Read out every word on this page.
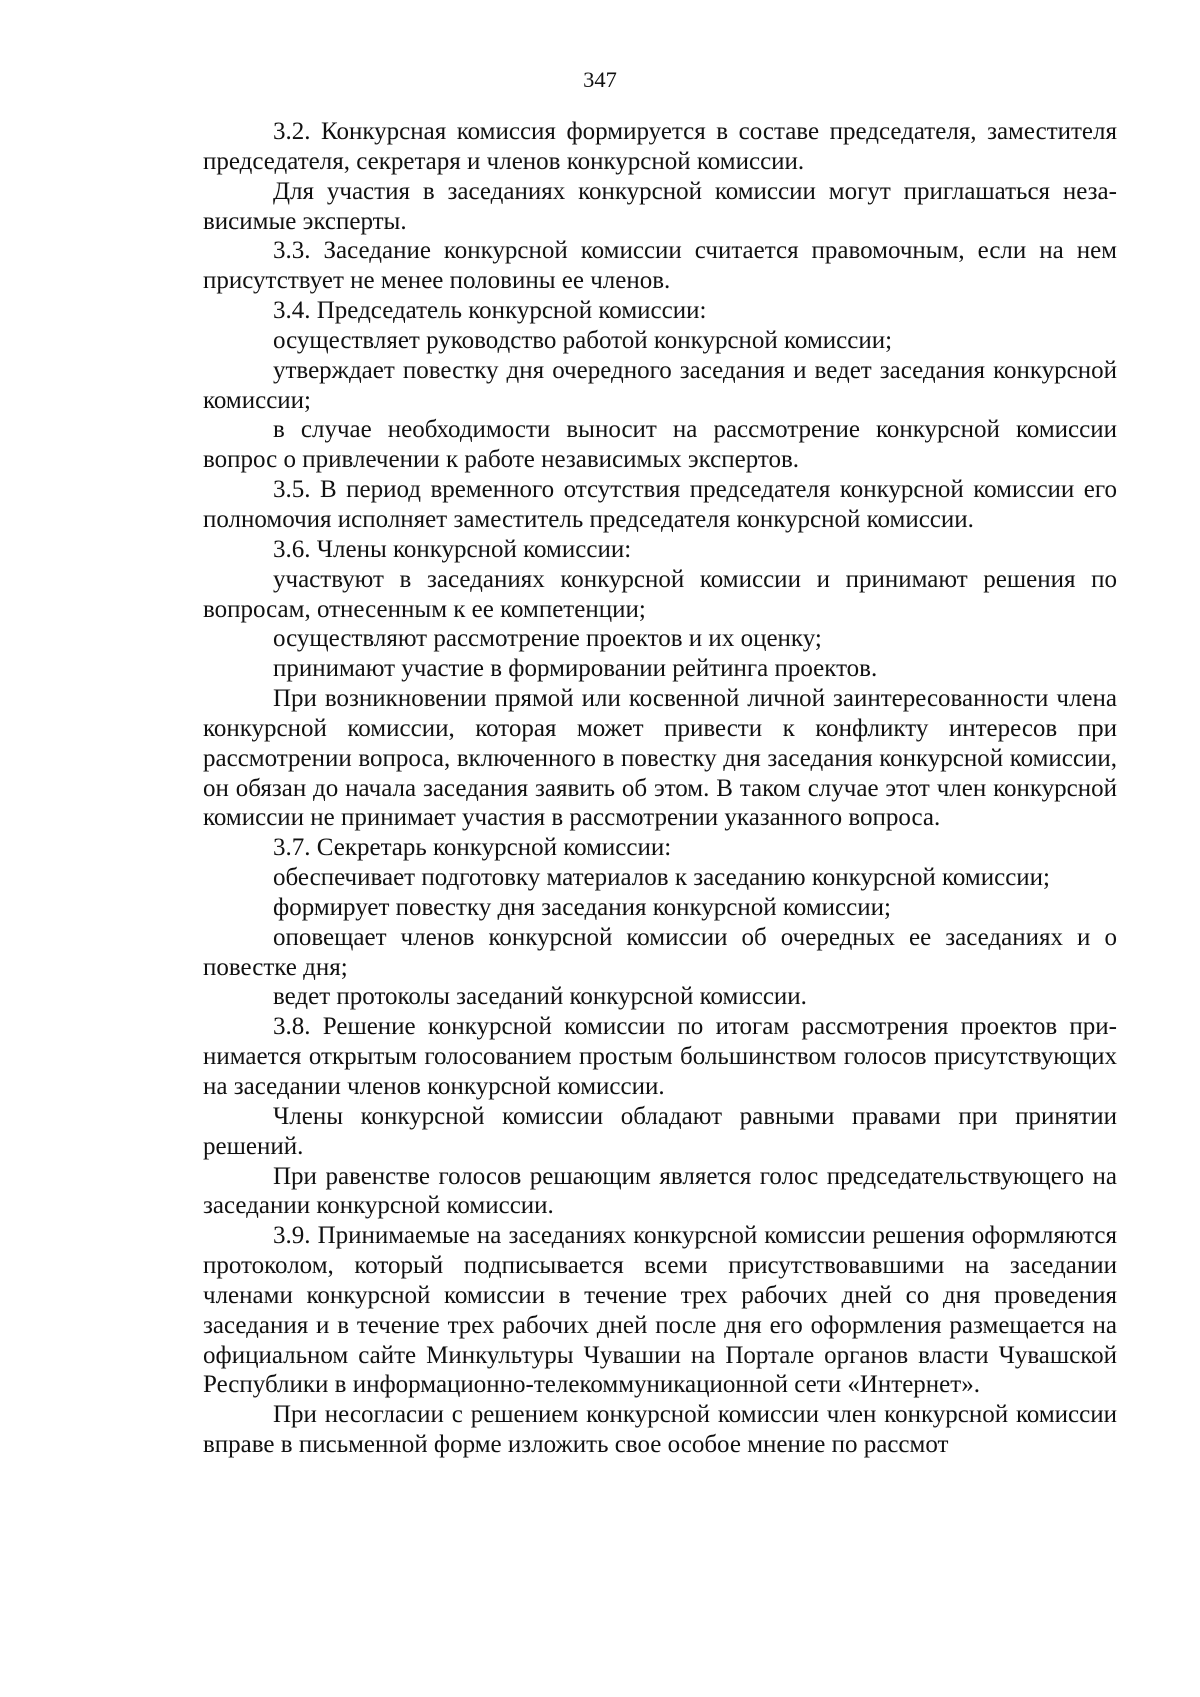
347

3.2. Конкурсная комиссия формируется в составе председателя, заместителя председателя, секретаря и членов конкурсной комиссии.

Для участия в заседаниях конкурсной комиссии могут приглашаться независимые эксперты.

3.3. Заседание конкурсной комиссии считается правомочным, если на нем присутствует не менее половины ее членов.

3.4. Председатель конкурсной комиссии:

осуществляет руководство работой конкурсной комиссии;

утверждает повестку дня очередного заседания и ведет заседания конкурсной комиссии;

в случае необходимости выносит на рассмотрение конкурсной комиссии вопрос о привлечении к работе независимых экспертов.

3.5. В период временного отсутствия председателя конкурсной комиссии его полномочия исполняет заместитель председателя конкурсной комиссии.

3.6. Члены конкурсной комиссии:

участвуют в заседаниях конкурсной комиссии и принимают решения по вопросам, отнесенным к ее компетенции;

осуществляют рассмотрение проектов и их оценку;

принимают участие в формировании рейтинга проектов.

При возникновении прямой или косвенной личной заинтересованности члена конкурсной комиссии, которая может привести к конфликту интересов при рассмотрении вопроса, включенного в повестку дня заседания конкурсной комиссии, он обязан до начала заседания заявить об этом. В таком случае этот член конкурсной комиссии не принимает участия в рассмотрении указанного вопроса.

3.7. Секретарь конкурсной комиссии:

обеспечивает подготовку материалов к заседанию конкурсной комиссии;

формирует повестку дня заседания конкурсной комиссии;

оповещает членов конкурсной комиссии об очередных ее заседаниях и о повестке дня;

ведет протоколы заседаний конкурсной комиссии.

3.8. Решение конкурсной комиссии по итогам рассмотрения проектов принимается открытым голосованием простым большинством голосов присутствующих на заседании членов конкурсной комиссии.

Члены конкурсной комиссии обладают равными правами при принятии решений.

При равенстве голосов решающим является голос председательствующего на заседании конкурсной комиссии.

3.9. Принимаемые на заседаниях конкурсной комиссии решения оформляются протоколом, который подписывается всеми присутствовавшими на заседании членами конкурсной комиссии в течение трех рабочих дней со дня проведения заседания и в течение трех рабочих дней после дня его оформления размещается на официальном сайте Минкультуры Чувашии на Портале органов власти Чувашской Республики в информационно-телекоммуникационной сети «Интернет».

При несогласии с решением конкурсной комиссии член конкурсной комиссии вправе в письменной форме изложить свое особое мнение по рассмот
